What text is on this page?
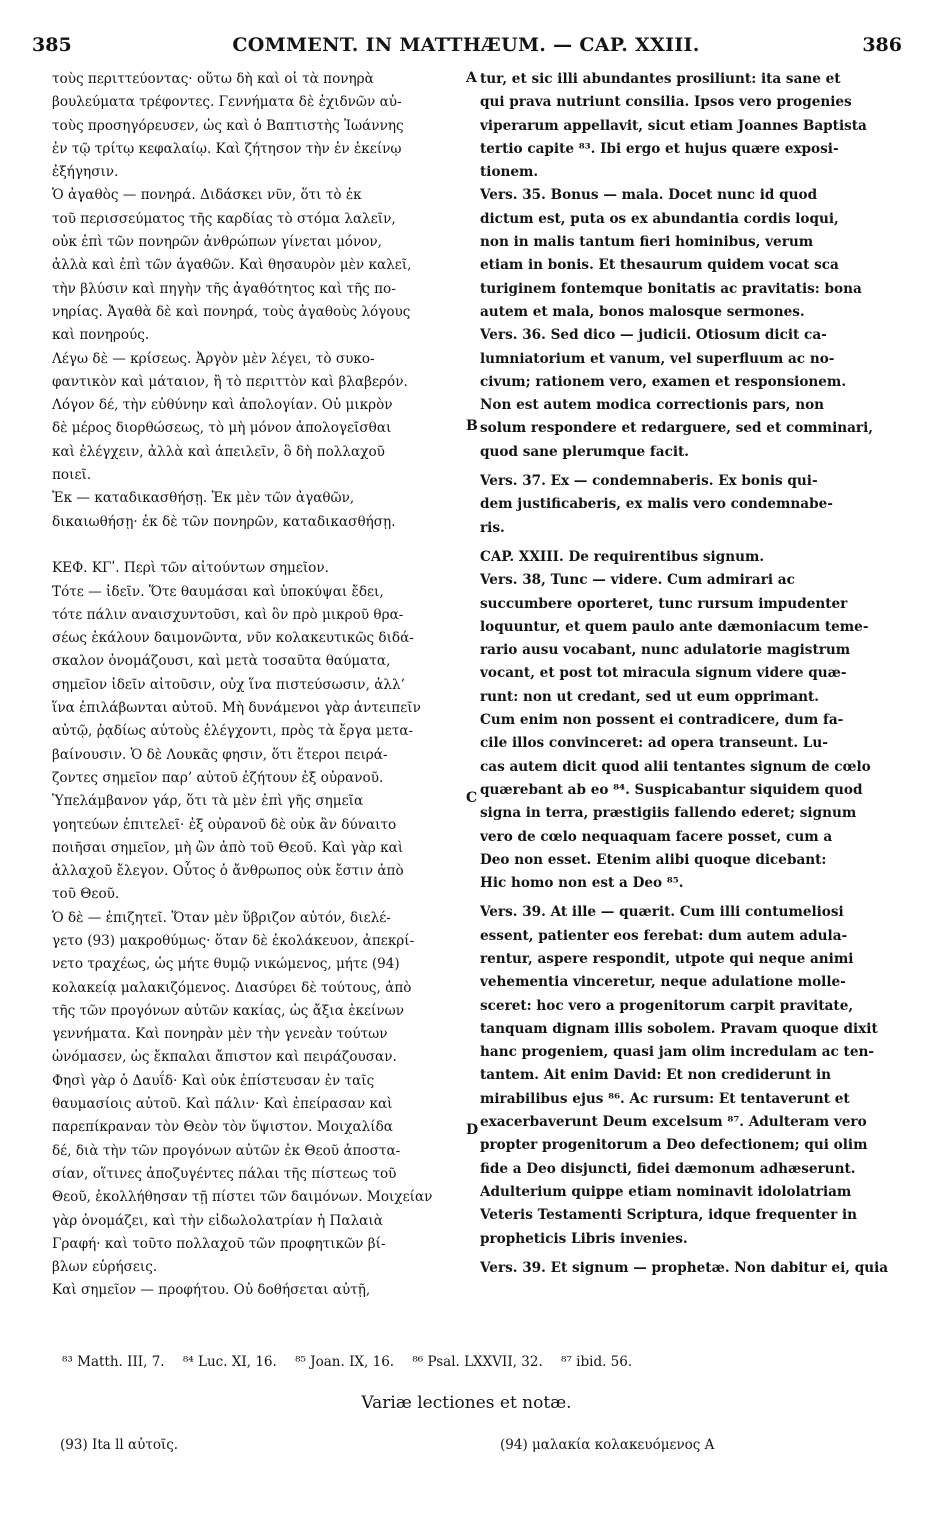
385	COMMENT. IN MATTHÆUM. — CAP. XXIII.	386
τοὺς περιττεύοντας· οὕτω δὴ καὶ οἱ τὰ πονηρὰ
βουλεύματα τρέφοντες. Γεννήματα δὲ ἐχιδνῶν αὐ-
τοὺς προσηγόρευσεν, ὡς καὶ ὁ Βαπτιστὴς Ἰωάννης
ἐν τῷ τρίτῳ κεφαλαίῳ. Καὶ ζήτησον τὴν ἐν ἐκείνῳ
ἐξήγησιν.
Ὁ ἀγαθὸς — πονηρά. Διδάσκει νῦν, ὅτι τὸ ἐκ
τοῦ περισσεύματος τῆς καρδίας τὸ στόμα λαλεῖν,
οὐκ ἐπὶ τῶν πονηρῶν ἀνθρώπων γίνεται μόνον,
ἀλλὰ καὶ ἐπὶ τῶν ἀγαθῶν. Καὶ θησαυρὸν μὲν καλεῖ,
τὴν βλύσιν καὶ πηγὴν τῆς ἀγαθότητος καὶ τῆς πο-
νηρίας. Ἀγαθὰ δὲ καὶ πονηρά, τοὺς ἀγαθοὺς λόγους
καὶ πονηρούς.
Λέγω δὲ — κρίσεως. Ἀργὸν μὲν λέγει, τὸ συκο-
φαντικὸν καὶ μάταιον, ἢ τὸ περιττὸν καὶ βλαβερόν.
Λόγον δέ, τὴν εὐθύνην καὶ ἀπολογίαν. Οὐ μικρὸν
δὲ μέρος διορθώσεως, τὸ μὴ μόνον ἀπολογεῖσθαι
καὶ ἐλέγχειν, ἀλλὰ καὶ ἀπειλεῖν, ὃ δὴ πολλαχοῦ
ποιεῖ.
Ἐκ — καταδικασθήσῃ. Ἐκ μὲν τῶν ἀγαθῶν,
δικαιωθήσῃ· ἐκ δὲ τῶν πονηρῶν, καταδικασθήσῃ.
ΚΕΦ. ΚΓʹ. Περὶ τῶν αἰτούντων σημεῖον.
Τότε — ἰδεῖν. Ὅτε θαυμάσαι καὶ ὑποκύψαι ἔδει,
τότε πάλιν αναισχυντοῦσι, καὶ ὃν πρὸ μικροῦ θρα-
σέως ἐκάλουν δαιμονῶντα, νῦν κολακευτικῶς διδά-
σκαλον ὀνομάζουσι, καὶ μετὰ τοσαῦτα θαύματα,
σημεῖον ἰδεῖν αἰτοῦσιν, οὐχ ἵνα πιστεύσωσιν, ἀλλ’
ἵνα ἐπιλάβωνται αὐτοῦ. Μὴ δυνάμενοι γὰρ ἀντειπεῖν
αὐτῷ, ῥᾳδίως αὐτοὺς ἐλέγχοντι, πρὸς τὰ ἔργα μετα-
βαίνουσιν. Ὁ δὲ Λουκᾶς φησιν, ὅτι ἕτεροι πειρά-
ζοντες σημεῖον παρ’ αὐτοῦ ἐζήτουν ἐξ οὐρανοῦ.
Ὑπελάμβανον γάρ, ὅτι τὰ μὲν ἐπὶ γῆς σημεῖα
γοητεύων ἐπιτελεῖ· ἐξ οὐρανοῦ δὲ οὐκ ἂν δύναιτο
ποιῆσαι σημεῖον, μὴ ὢν ἀπὸ τοῦ Θεοῦ. Καὶ γὰρ καὶ
ἀλλαχοῦ ἔλεγον. Οὗτος ὁ ἄνθρωπος οὐκ ἔστιν ἀπὸ
τοῦ Θεοῦ.
Ὁ δὲ — ἐπιζητεῖ. Ὅταν μὲν ὕβριζον αὐτόν, διελέ-
γετο (93) μακροθύμως· ὅταν δὲ ἐκολάκευον, ἀπεκρί-
νετο τραχέως, ὡς μήτε θυμῷ νικώμενος, μήτε (94)
κολακείᾳ μαλακιζόμενος. Διασύρει δὲ τούτους, ἀπὸ
τῆς τῶν προγόνων αὐτῶν κακίας, ὡς ἄξια ἐκείνων
γεννήματα. Καὶ πονηρὰν μὲν τὴν γενεὰν τούτων
ὠνόμασεν, ὡς ἔκπαλαι ἄπιστον καὶ πειράζουσαν.
Φησὶ γὰρ ὁ Δαυΐδ· Καὶ οὐκ ἐπίστευσαν ἐν ταῖς
θαυμασίοις αὐτοῦ. Καὶ πάλιν· Καὶ ἐπείρασαν καὶ
παρεπίκραναν τὸν Θεὸν τὸν ὕψιστον. Μοιχαλίδα
δέ, διὰ τὴν τῶν προγόνων αὐτῶν ἐκ Θεοῦ ἀποστα-
σίαν, οἵτινες ἀποζυγέντες πάλαι τῆς πίστεως τοῦ
Θεοῦ, ἐκολλήθησαν τῇ πίστει τῶν δαιμόνων. Μοιχείαν
γὰρ ὀνομάζει, καὶ τὴν εἰδωλολατρίαν ἡ Παλαιὰ
Γραφή· καὶ τοῦτο πολλαχοῦ τῶν προφητικῶν βί-
βλων εὑρήσεις.
Καὶ σημεῖον — προφήτου. Οὐ δοθήσεται αὐτῇ,
tur, et sic illi abundantes prosiliunt: ita sane et
qui prava nutriunt consilia. Ipsos vero progenies
viperarum appellavit, sicut etiam Joannes Baptista
tertio capite ⁸³. Ibi ergo et hujus quære exposi-
tionem.
Vers. 35. Bonus — mala. Docet nunc id quod
dictum est, puta os ex abundantia cordis loqui,
non in malis tantum fieri hominibus, verum
etiam in bonis. Et thesaurum quidem vocat sca
turiginem fontemque bonitatis ac pravitatis: bona
autem et mala, bonos malosque sermones.
Vers. 36. Sed dico — judicii. Otiosum dicit ca-
lumniatorium et vanum, vel superfluum ac no-
civum; rationem vero, examen et responsionem.
Non est autem modica correctionis pars, non
solum respondere et redarguere, sed et comminari,
quod sane plerumque facit.
Vers. 37. Ex — condemnaberis. Ex bonis qui-
dem justificaberis, ex malis vero condemnabe-
ris.
CAP. XXIII. De requirentibus signum.
Vers. 38, Tunc — videre. Cum admirari ac
succumbere oporteret, tunc rursum impudenter
loquuntur, et quem paulo ante dæmoniacum teme-
rario ausu vocabant, nunc adulatorie magistrum
vocant, et post tot miracula signum videre quæ-
runt: non ut credant, sed ut eum opprimant.
Cum enim non possent ei contradicere, dum fa-
cile illos convinceret: ad opera transeunt. Lu-
cas autem dicit quod alii tentantes signum de cœlo
quærebant ab eo ⁸⁴. Suspicabantur siquidem quod
signa in terra, præstigiis fallendo ederet; signum
vero de cœlo nequaquam facere posset, cum a
Deo non esset. Etenim alibi quoque dicebant:
Hic homo non est a Deo ⁸⁵.
Vers. 39. At ille — quærit. Cum illi contumeliosi
essent, patienter eos ferebat: dum autem adula-
rentur, aspere respondit, utpote qui neque animi
vehementia vinceretur, neque adulatione molle-
sceret: hoc vero a progenitorum carpit pravitate,
tanquam dignam illis sobolem. Pravam quoque dixit
hanc progeniem, quasi jam olim incredulam ac ten-
tantem. Ait enim David: Et non crediderunt in
mirabilibus ejus ⁸⁶. Ac rursum: Et tentaverunt et
exacerbaverunt Deum excelsum ⁸⁷. Adulteram vero
propter progenitorum a Deo defectionem; qui olim
fide a Deo disjuncti, fidei dæmonum adhæserunt.
Adulterium quippe etiam nominavit idololatriam
Veteris Testamenti Scriptura, idque frequenter in
propheticis Libris invenies.
Vers. 39. Et signum — prophetæ. Non dabitur ei, quia
A
B
C
D
⁸³ Matth. III, 7. ⁸⁴ Luc. XI, 16. ⁸⁵ Joan. IX, 16. ⁸⁶ Psal. LXXVII, 32. ⁸⁷ ibid. 56.
Variæ lectiones et notæ.
(93) Ita ll αὐτοῖς.	(94) μαλακία κολακευόμενος A
